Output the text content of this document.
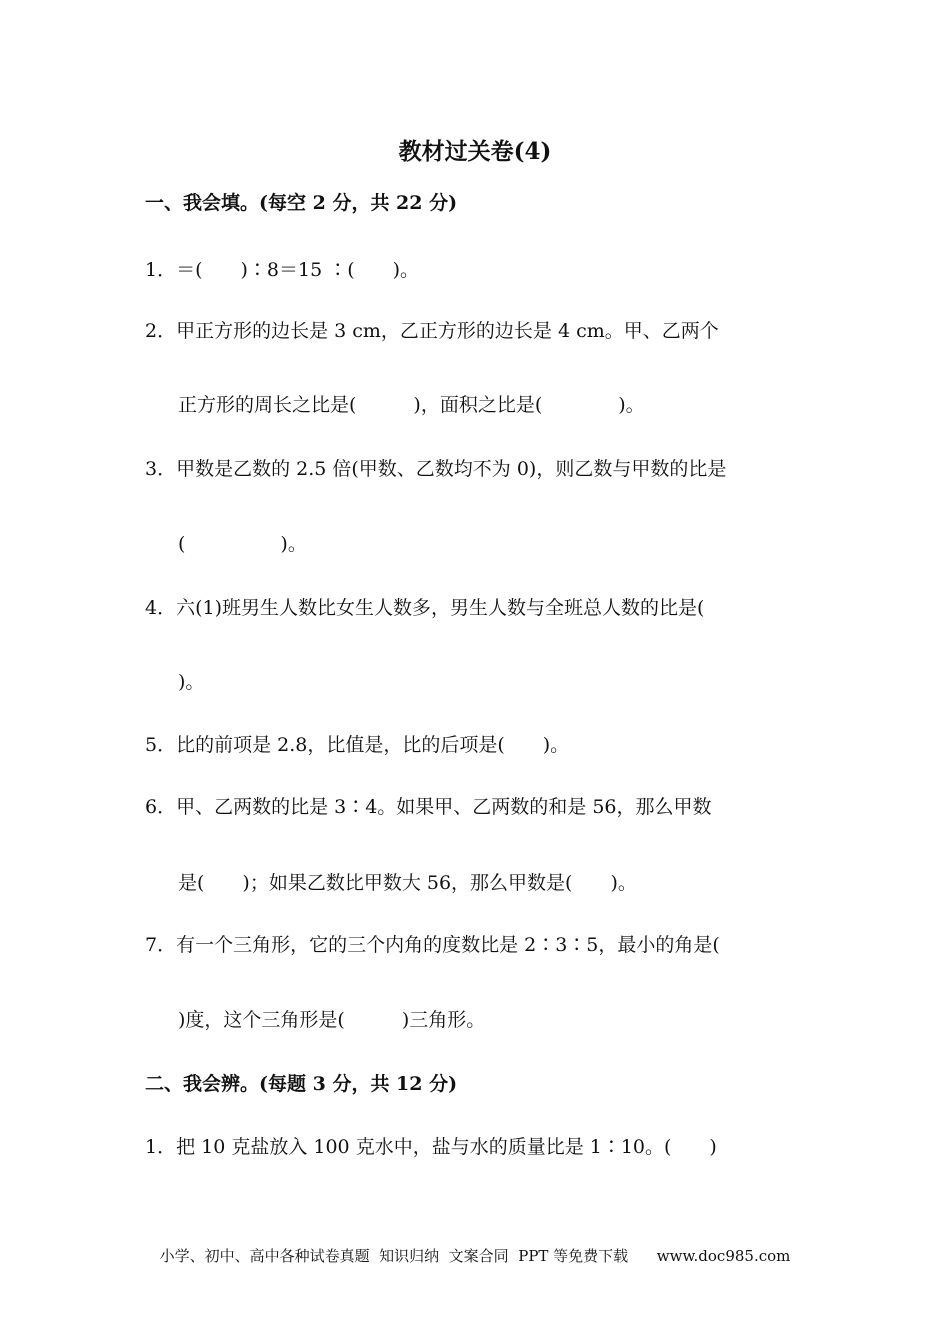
教材过关卷(4)
一、我会填。(每空 2 分，共 22 分)
1．＝(　　)∶8＝15 ∶(　　)。
2．甲正方形的边长是 3 cm，乙正方形的边长是 4 cm。甲、乙两个
正方形的周长之比是(　　　)，面积之比是(　　　　)。
3．甲数是乙数的 2.5 倍(甲数、乙数均不为 0)，则乙数与甲数的比是
(　　　　　)。
4．六(1)班男生人数比女生人数多，男生人数与全班总人数的比是(
)。
5．比的前项是 2.8，比值是，比的后项是(　　)。
6．甲、乙两数的比是 3∶4。如果甲、乙两数的和是 56，那么甲数
是(　　)；如果乙数比甲数大 56，那么甲数是(　　)。
7．有一个三角形，它的三个内角的度数比是 2∶3∶5，最小的角是(
)度，这个三角形是(　　　)三角形。
二、我会辨。(每题 3 分，共 12 分)
1．把 10 克盐放入 100 克水中，盐与水的质量比是 1∶10。(　　)
小学、初中、高中各种试卷真题  知识归纳  文案合同  PPT 等免费下载      www.doc985.com
